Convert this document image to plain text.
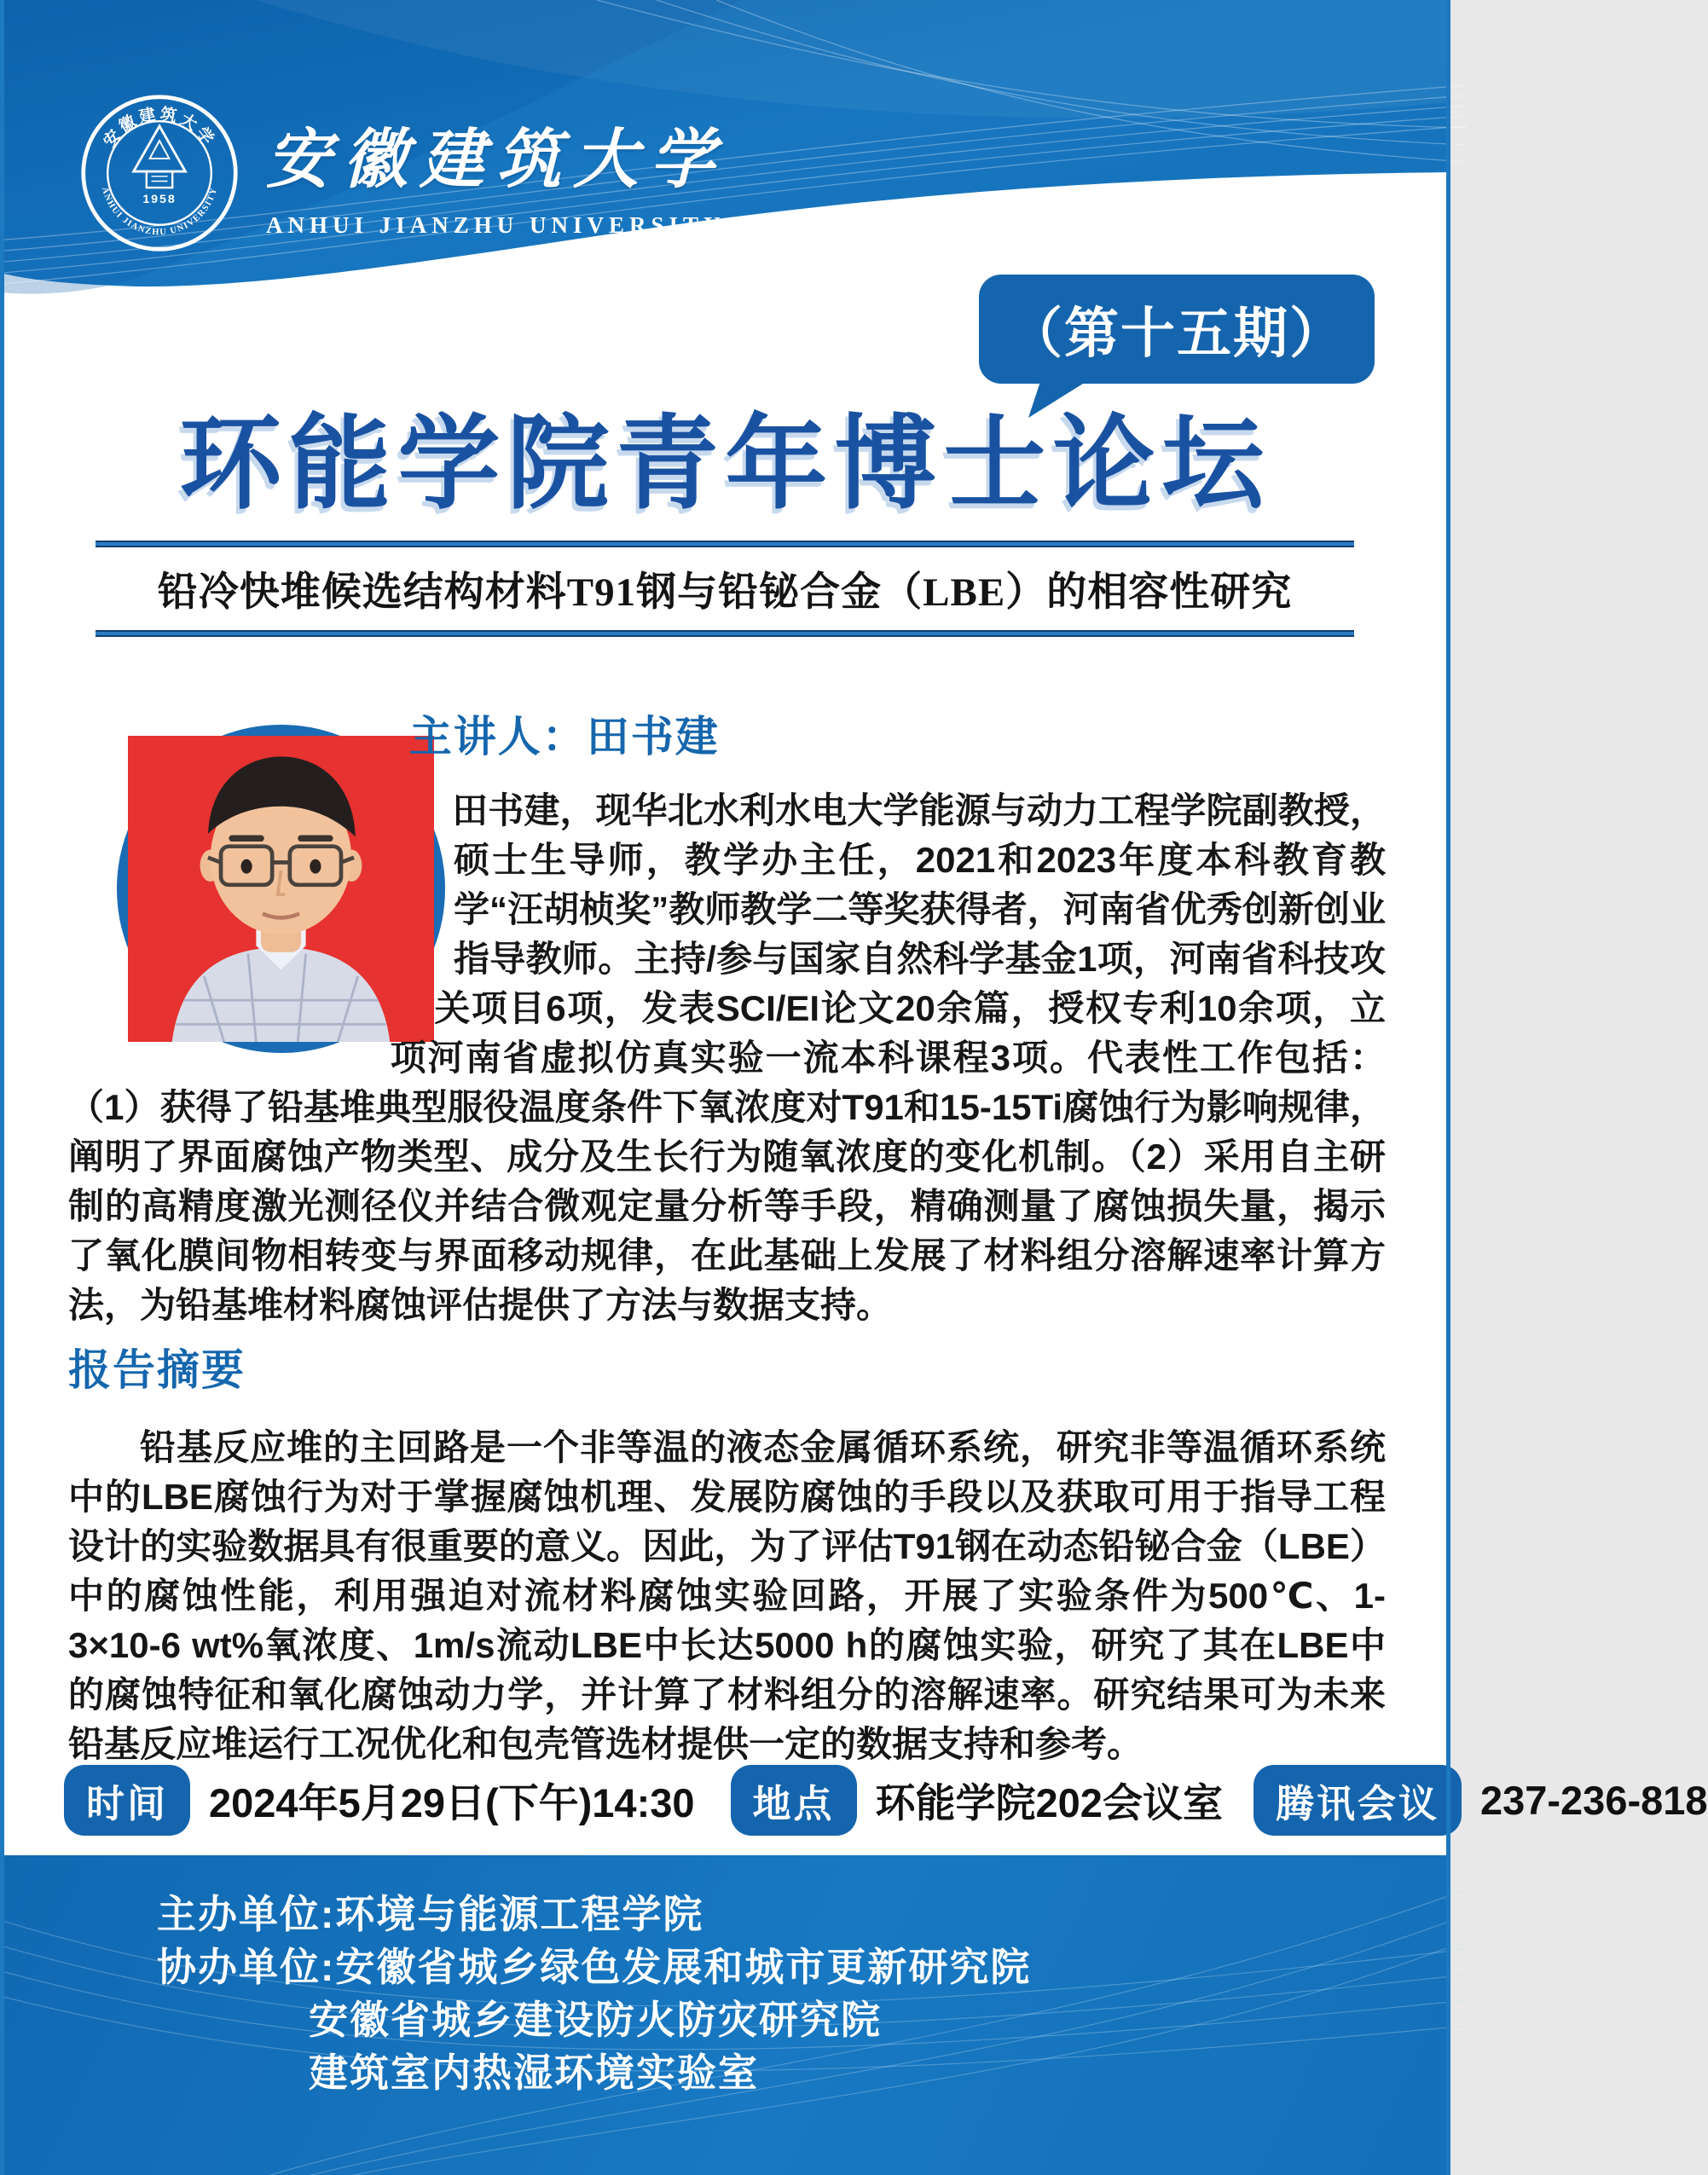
安徽建筑大学
ANHUI JIANZHU UNIVERSITY
1958
安徽建筑大学
ANHUI JIANZHU UNIVERSITY
（第十五期）
环能学院青年博士论坛
铅冷快堆候选结构材料T91钢与铅铋合金（LBE）的相容性研究
主讲人：田书建

田书建，现华北水利水电大学能源与动力工程学院副教授，硕士生导师，教学办主任，2021和2023年度本科教育教学“汪胡桢奖”教师教学二等奖获得者，河南省优秀创新创业指导教师。主持/参与国家自然科学基金1项，河南省科技攻关项目6项，发表SCI/EI论文20余篇，授权专利10余项，立项河南省虚拟仿真实验一流本科课程3项。代表性工作包括：（1）获得了铅基堆典型服役温度条件下氧浓度对T91和15-15Ti腐蚀行为影响规律，阐明了界面腐蚀产物类型、成分及生长行为随氧浓度的变化机制。（2）采用自主研制的高精度激光测径仪并结合微观定量分析等手段，精确测量了腐蚀损失量，揭示了氧化膜间物相转变与界面移动规律，在此基础上发展了材料组分溶解速率计算方法，为铅基堆材料腐蚀评估提供了方法与数据支持。

报告摘要

铅基反应堆的主回路是一个非等温的液态金属循环系统，研究非等温循环系统中的LBE腐蚀行为对于掌握腐蚀机理、发展防腐蚀的手段以及获取可用于指导工程设计的实验数据具有很重要的意义。因此，为了评估T91钢在动态铅铋合金（LBE）中的腐蚀性能，利用强迫对流材料腐蚀实验回路，开展了实验条件为500℃、1-3×10-6 wt%氧浓度、1m/s流动LBE中长达5000 h的腐蚀实验，研究了其在LBE中的腐蚀特征和氧化腐蚀动力学，并计算了材料组分的溶解速率。研究结果可为未来铅基反应堆运行工况优化和包壳管选材提供一定的数据支持和参考。

时间	2024年5月29日(下午)14:30	地点	环能学院202会议室	腾讯会议	237-236-818
主办单位:环境与能源工程学院
协办单位:安徽省城乡绿色发展和城市更新研究院
安徽省城乡建设防火防灾研究院
建筑室内热湿环境实验室
